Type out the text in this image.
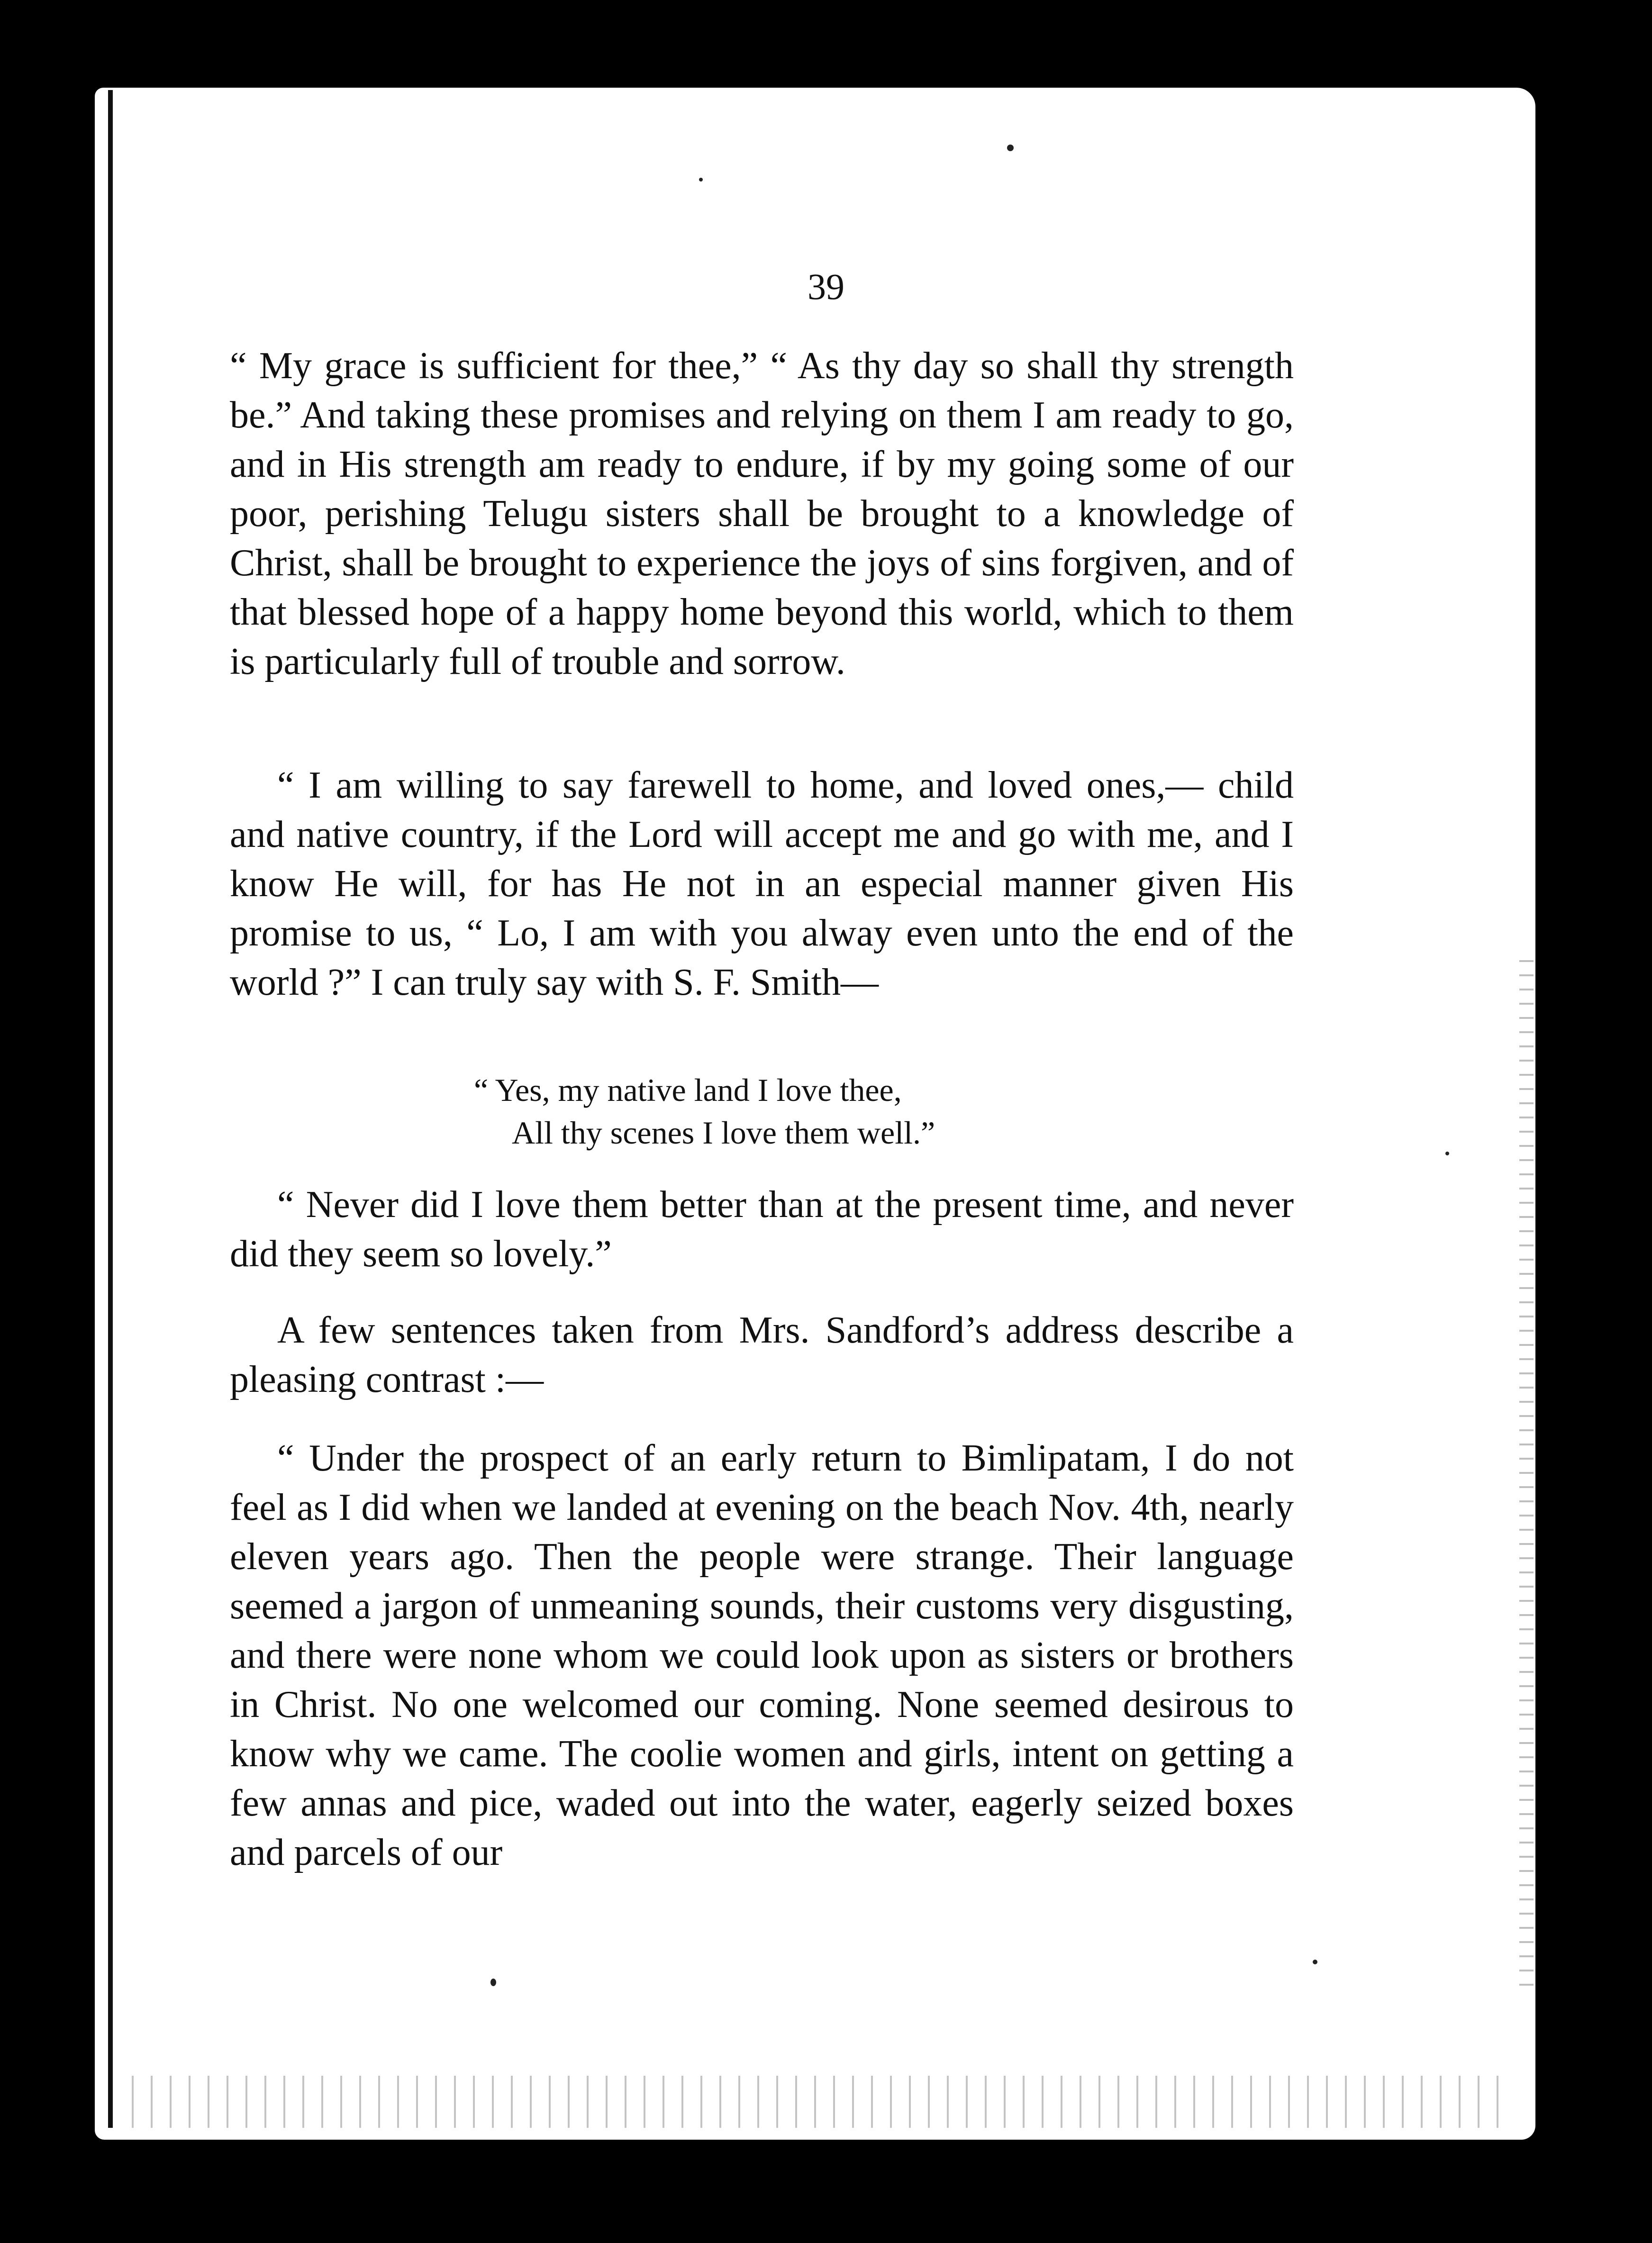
39

“ My grace is sufficient for thee,” “ As thy day so shall thy strength be.” And taking these promises and relying on them I am ready to go, and in His strength am ready to endure, if by my going some of our poor, perishing Telugu sisters shall be brought to a knowledge of Christ, shall be brought to experience the joys of sins forgiven, and of that blessed hope of a happy home beyond this world, which to them is particularly full of trouble and sorrow.

“ I am willing to say farewell to home, and loved ones,— child and native country, if the Lord will accept me and go with me, and I know He will, for has He not in an especial manner given His promise to us, “ Lo, I am with you alway even unto the end of the world ?” I can truly say with S. F. Smith—

“ Yes, my native land I love thee,
All thy scenes I love them well.”

“ Never did I love them better than at the present time, and never did they seem so lovely.”

A few sentences taken from Mrs. Sandford’s address describe a pleasing contrast :—

“ Under the prospect of an early return to Bimlipatam, I do not feel as I did when we landed at evening on the beach Nov. 4th, nearly eleven years ago. Then the people were strange. Their language seemed a jargon of unmeaning sounds, their customs very disgusting, and there were none whom we could look upon as sisters or brothers in Christ. No one welcomed our coming. None seemed desirous to know why we came. The coolie women and girls, intent on getting a few annas and pice, waded out into the water, eagerly seized boxes and parcels of our
